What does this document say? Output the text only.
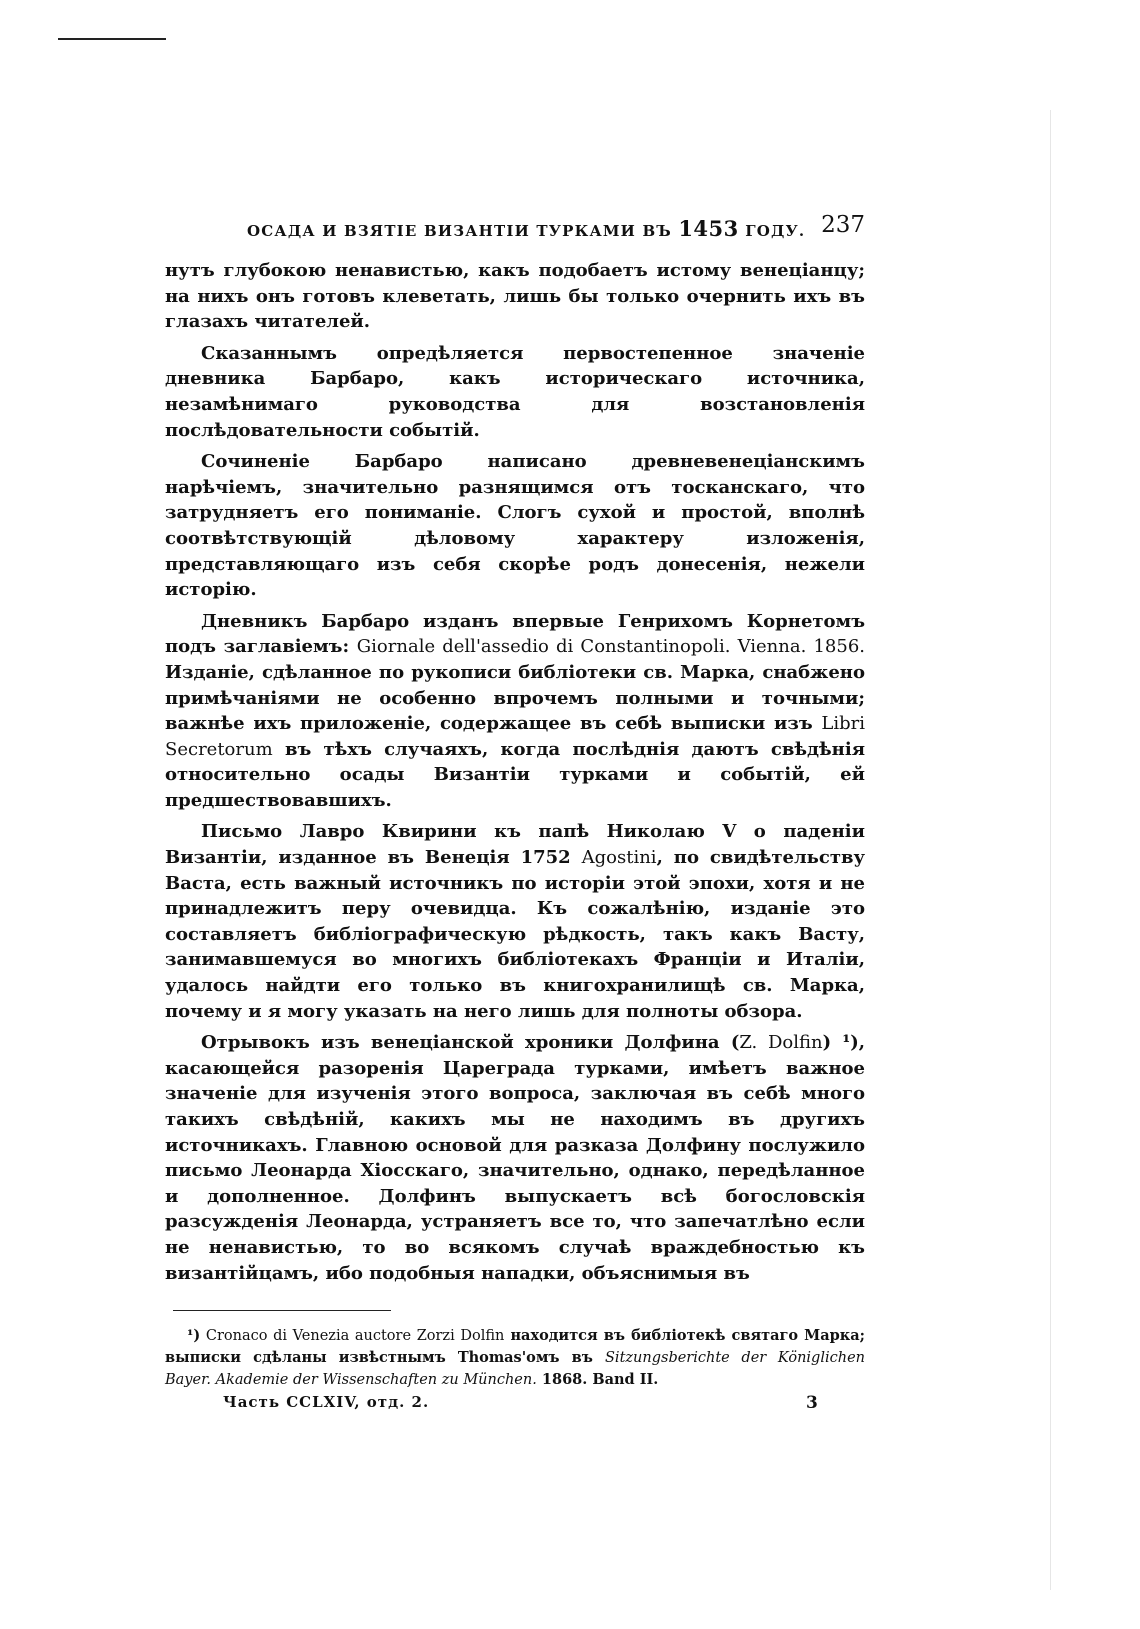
ОСАДА И ВЗЯТІЕ ВИЗАНТІИ ТУРКАМИ ВЪ 1453 ГОДУ. 237

нутъ глубокою ненавистью, какъ подобаетъ истому венеціанцу; на нихъ онъ готовъ клеветать, лишь бы только очернить ихъ въ глазахъ читателей.

Сказаннымъ опредѣляется первостепенное значеніе дневника Барбаро, какъ историческаго источника, незамѣнимаго руководства для возстановленія послѣдовательности событій.

Сочиненіе Барбаро написано древневенеціанскимъ нарѣчіемъ, значительно разнящимся отъ тосканскаго, что затрудняетъ его пониманіе. Слогъ сухой и простой, вполнѣ соотвѣтствующій дѣловому характеру изложенія, представляющаго изъ себя скорѣе родъ донесенія, нежели исторію.

Дневникъ Барбаро изданъ впервые Генрихомъ Корнетомъ подъ заглавіемъ: Giornale dell'assedio di Constantinopoli. Vienna. 1856. Изданіе, сдѣланное по рукописи библіотеки св. Марка, снабжено примѣчаніями не особенно впрочемъ полными и точными; важнѣе ихъ приложеніе, содержащее въ себѣ выписки изъ Libri Secretorum въ тѣхъ случаяхъ, когда послѣднія даютъ свѣдѣнія относительно осады Византіи турками и событій, ей предшествовавшихъ.

Письмо Лавро Квирини къ папѣ Николаю V о паденіи Византіи, изданное въ Венеція 1752 Agostini, по свидѣтельству Васта, есть важный источникъ по исторіи этой эпохи, хотя и не принадлежитъ перу очевидца. Къ сожалѣнію, изданіе это составляетъ библіографическую рѣдкость, такъ какъ Васту, занимавшемуся во многихъ библіотекахъ Франціи и Италіи, удалось найдти его только въ книгохранилищѣ св. Марка, почему и я могу указать на него лишь для полноты обзора.

Отрывокъ изъ венеціанской хроники Долфина (Z. Dolfin) ¹), касающейся разоренія Цареграда турками, имѣетъ важное значеніе для изученія этого вопроса, заключая въ себѣ много такихъ свѣдѣній, какихъ мы не находимъ въ другихъ источникахъ. Главною основой для разказа Долфину послужило письмо Леонарда Хіосскаго, значительно, однако, передѣланное и дополненное. Долфинъ выпускаетъ всѣ богословскія разсужденія Леонарда, устраняетъ все то, что запечатлѣно если не ненавистью, то во всякомъ случаѣ враждебностью къ византійцамъ, ибо подобныя нападки, объяснимыя въ

¹) Cronaco di Venezia auctore Zorzi Dolfin находится въ библіотекѣ святаго Марка; выписки сдѣланы извѣстнымъ Thomas'омъ въ Sitzungsberichte der Königlichen Bayer. Akademie der Wissenschaften zu München. 1868. Band II.

Часть CCLXIV, отд. 2.	3
